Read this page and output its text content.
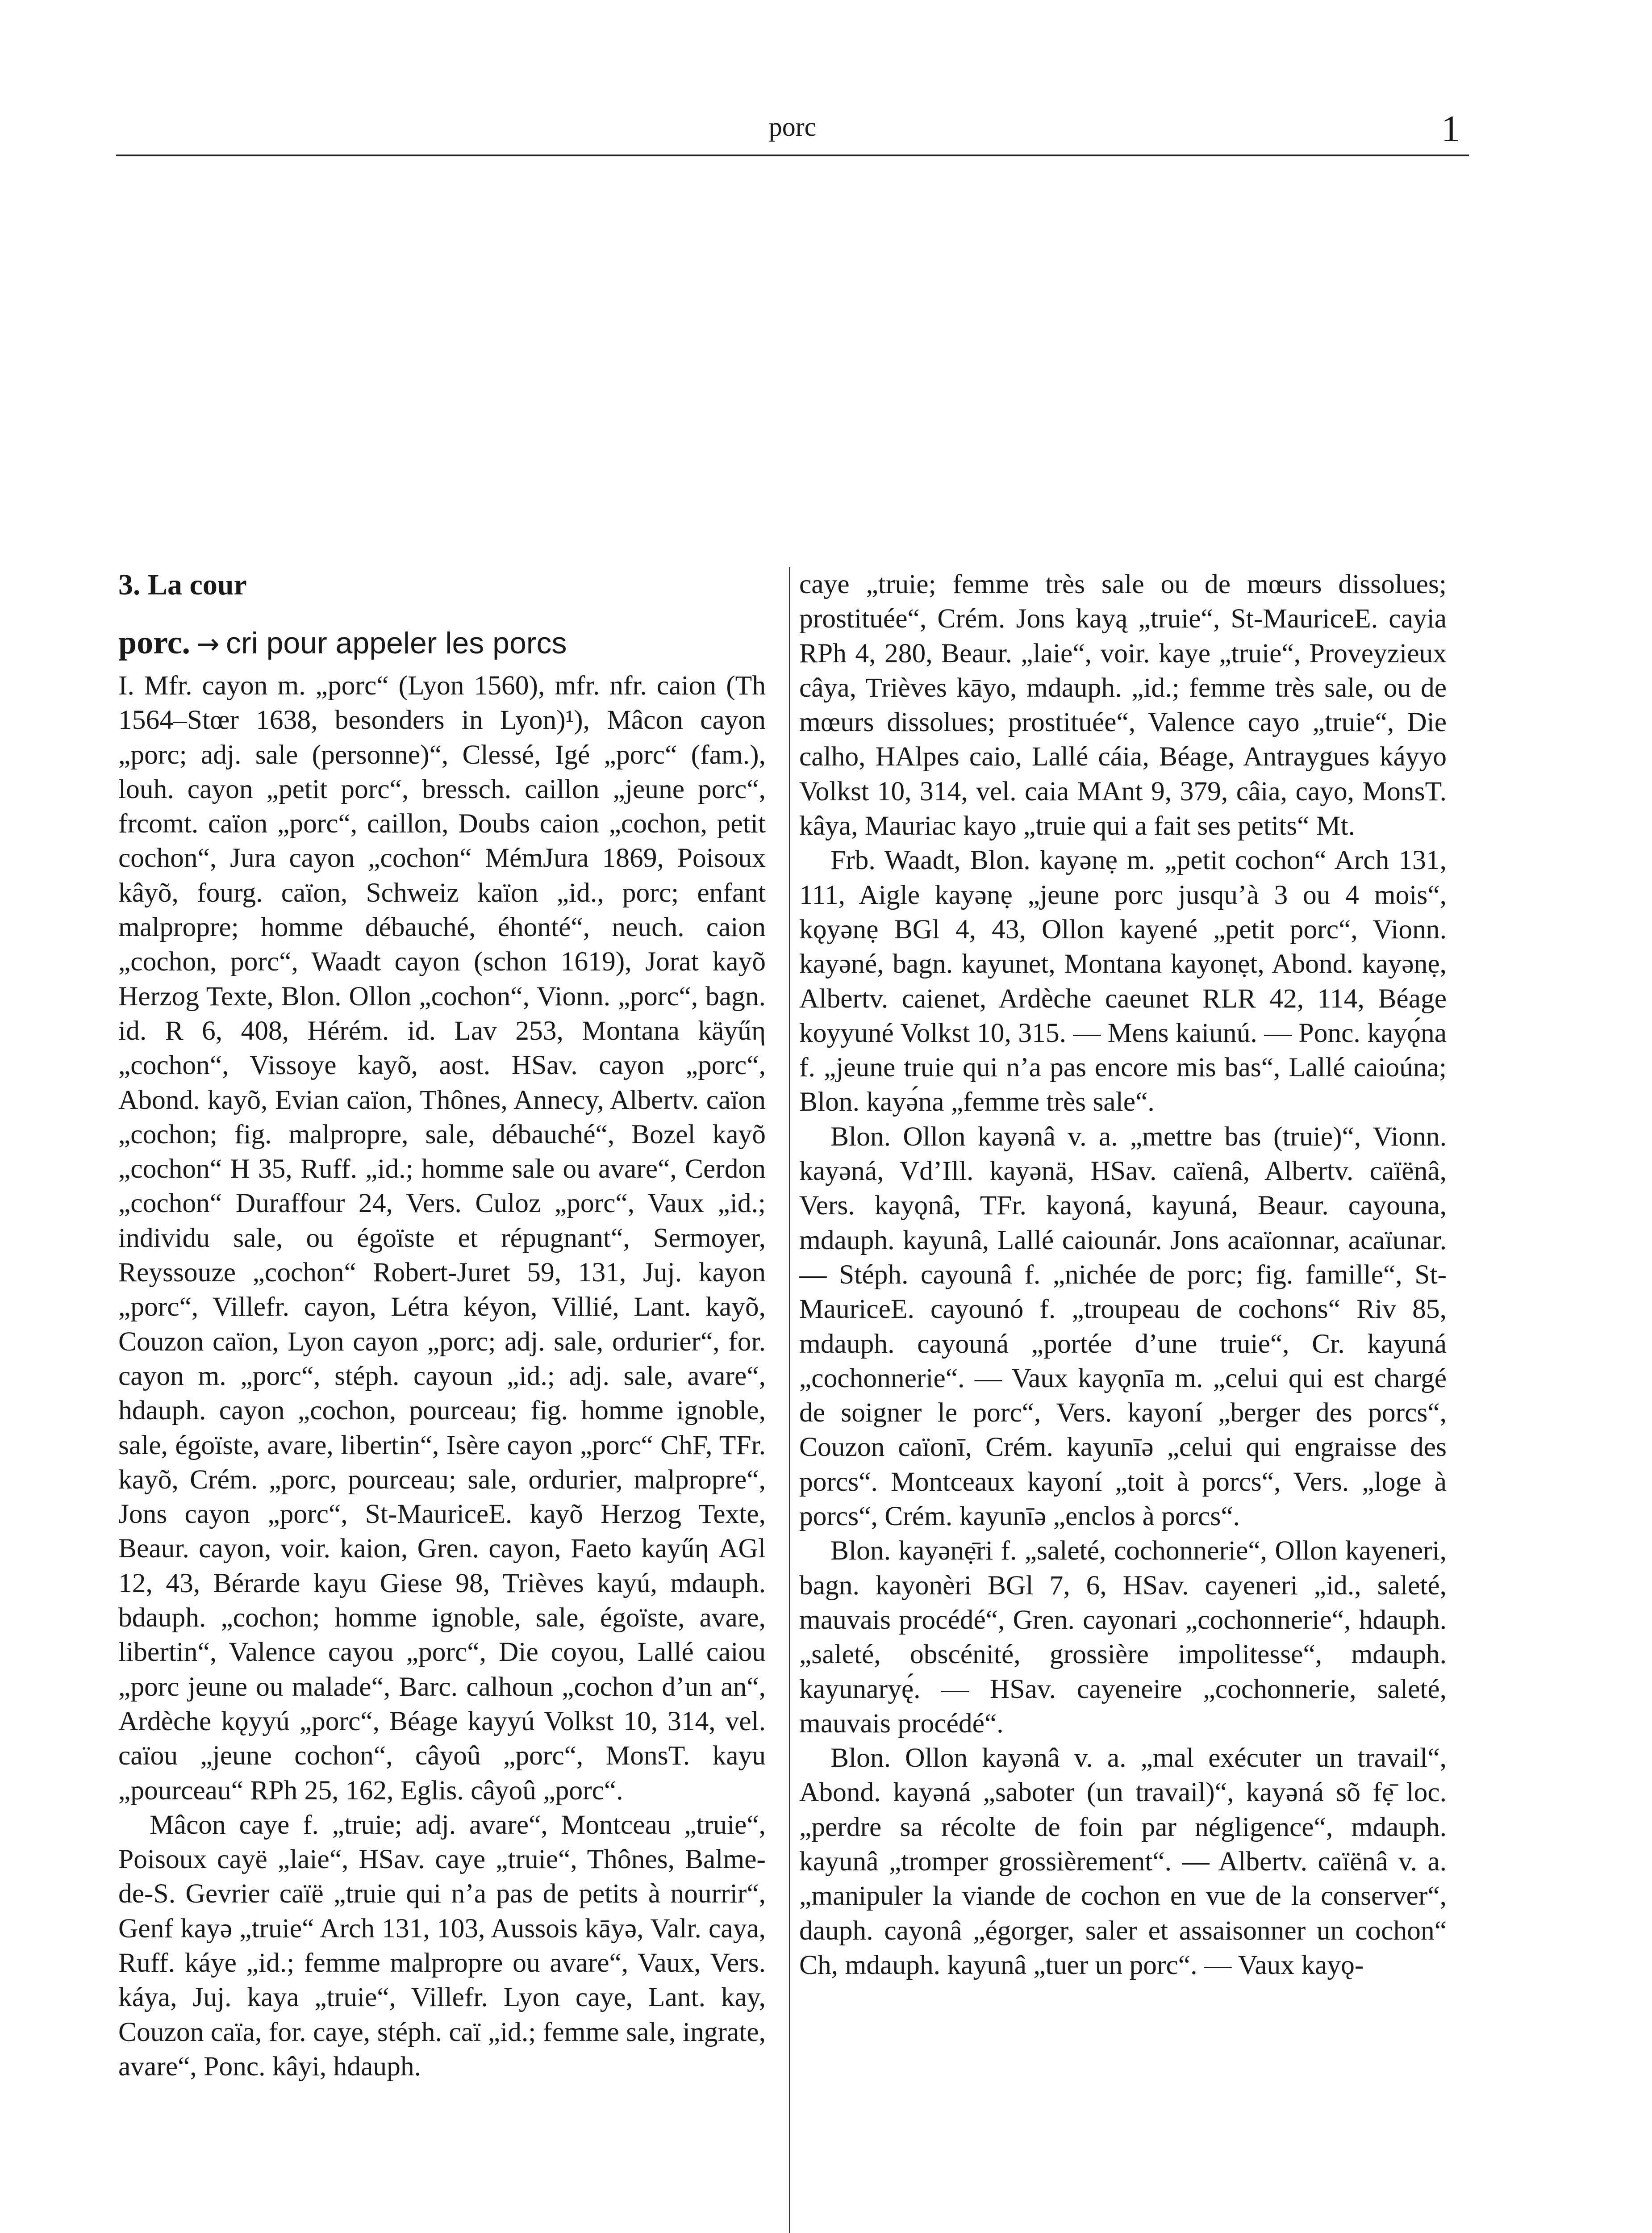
porc	1
3. La cour
porc. → cri pour appeler les porcs

I. Mfr. cayon m. „porc“ (Lyon 1560), mfr. nfr. caion (Th 1564–Stœr 1638, besonders in Lyon)¹), Mâcon cayon „porc; adj. sale (personne)“, Clessé, Igé „porc“ (fam.), louh. cayon „petit porc“, bressch. caillon „jeune porc“, frcomt. caïon „porc“, caillon, Doubs caion „cochon, petit cochon“, Jura cayon „cochon“ MémJura 1869, Poisoux kâyõ, fourg. caïon, Schweiz kaïon „id., porc; enfant malpropre; homme débauché, éhonté“, neuch. caion „cochon, porc“, Waadt cayon (schon 1619), Jorat kayõ Herzog Texte, Blon. Ollon „cochon“, Vionn. „porc“, bagn. id. R 6, 408, Hérém. id. Lav 253, Montana käyűη „cochon“, Vissoye kayõ, aost. HSav. cayon „porc“, Abond. kayõ, Evian caïon, Thônes, Annecy, Albertv. caïon „cochon; fig. malpropre, sale, débauché“, Bozel kayõ „cochon“ H 35, Ruff. „id.; homme sale ou avare“, Cerdon „cochon“ Duraffour 24, Vers. Culoz „porc“, Vaux „id.; individu sale, ou égoïste et répugnant“, Sermoyer, Reyssouze „cochon“ Robert-Juret 59, 131, Juj. kayon „porc“, Villefr. cayon, Létra kéyon, Villié, Lant. kayõ, Couzon caïon, Lyon cayon „porc; adj. sale, ordurier“, for. cayon m. „porc“, stéph. cayoun „id.; adj. sale, avare“, hdauph. cayon „cochon, pourceau; fig. homme ignoble, sale, égoïste, avare, libertin“, Isère cayon „porc“ ChF, TFr. kayõ, Crém. „porc, pourceau; sale, ordurier, malpropre“, Jons cayon „porc“, St-MauriceE. kayõ Herzog Texte, Beaur. cayon, voir. kaion, Gren. cayon, Faeto kayűη AGl 12, 43, Bérarde kayu Giese 98, Trièves kayú, mdauph. bdauph. „cochon; homme ignoble, sale, égoïste, avare, libertin“, Valence cayou „porc“, Die coyou, Lallé caiou „porc jeune ou malade“, Barc. calhoun „cochon d’un an“, Ardèche kǫyyú „porc“, Béage kayyú Volkst 10, 314, vel. caïou „jeune cochon“, câyoû „porc“, MonsT. kayu „pourceau“ RPh 25, 162, Eglis. câyoû „porc“.

Mâcon caye f. „truie; adj. avare“, Montceau „truie“, Poisoux cayë „laie“, HSav. caye „truie“, Thônes, Balme-de-S. Gevrier caïë „truie qui n’a pas de petits à nourrir“, Genf kayə „truie“ Arch 131, 103, Aussois kāyə, Valr. caya, Ruff. káye „id.; femme malpropre ou avare“, Vaux, Vers. káya, Juj. kaya „truie“, Villefr. Lyon caye, Lant. kay, Couzon caïa, for. caye, stéph. caï „id.; femme sale, ingrate, avare“, Ponc. kâyi, hdauph.

caye „truie; femme très sale ou de mœurs dissolues; prostituée“, Crém. Jons kayą „truie“, St-MauriceE. cayia RPh 4, 280, Beaur. „laie“, voir. kaye „truie“, Proveyzieux câya, Trièves kāyo, mdauph. „id.; femme très sale, ou de mœurs dissolues; prostituée“, Valence cayo „truie“, Die calho, HAlpes caio, Lallé cáia, Béage, Antraygues káyyo Volkst 10, 314, vel. caia MAnt 9, 379, câia, cayo, MonsT. kâya, Mauriac kayo „truie qui a fait ses petits“ Mt.

Frb. Waadt, Blon. kayənẹ m. „petit cochon“ Arch 131, 111, Aigle kayənẹ „jeune porc jusqu’à 3 ou 4 mois“, kǫyənẹ BGl 4, 43, Ollon kayené „petit porc“, Vionn. kayəné, bagn. kayunet, Montana kayonẹt, Abond. kayənẹ, Albertv. caienet, Ardèche caeunet RLR 42, 114, Béage koyyuné Volkst 10, 315. — Mens kaiunú. — Ponc. kayǫ́na f. „jeune truie qui n’a pas encore mis bas“, Lallé caioúna; Blon. kayə́na „femme très sale“.

Blon. Ollon kayənâ v. a. „mettre bas (truie)“, Vionn. kayəná, Vd’Ill. kayənä, HSav. caïenâ, Albertv. caïënâ, Vers. kayǫnâ, TFr. kayoná, kayuná, Beaur. cayouna, mdauph. kayunâ, Lallé caiounár. Jons acaïonnar, acaïunar. — Stéph. cayounâ f. „nichée de porc; fig. famille“, St-MauriceE. cayounó f. „troupeau de cochons“ Riv 85, mdauph. cayouná „portée d’une truie“, Cr. kayuná „cochonnerie“. — Vaux kayǫnīa m. „celui qui est chargé de soigner le porc“, Vers. kayoní „berger des porcs“, Couzon caïonī, Crém. kayunīə „celui qui engraisse des porcs“. Montceaux kayoní „toit à porcs“, Vers. „loge à porcs“, Crém. kayunīə „enclos à porcs“.

Blon. kayənẹ̄ri f. „saleté, cochonnerie“, Ollon kayeneri, bagn. kayonèri BGl 7, 6, HSav. cayeneri „id., saleté, mauvais procédé“, Gren. cayonari „cochonnerie“, hdauph. „saleté, obscénité, grossière impolitesse“, mdauph. kayunaryę́. — HSav. cayeneire „cochonnerie, saleté, mauvais procédé“.

Blon. Ollon kayənâ v. a. „mal exécuter un travail“, Abond. kayəná „saboter (un travail)“, kayəná sõ fẹ̄ loc. „perdre sa récolte de foin par négligence“, mdauph. kayunâ „tromper grossièrement“. — Albertv. caïënâ v. a. „manipuler la viande de cochon en vue de la conserver“, dauph. cayonâ „égorger, saler et assaisonner un cochon“ Ch, mdauph. kayunâ „tuer un porc“. — Vaux kayǫ-
